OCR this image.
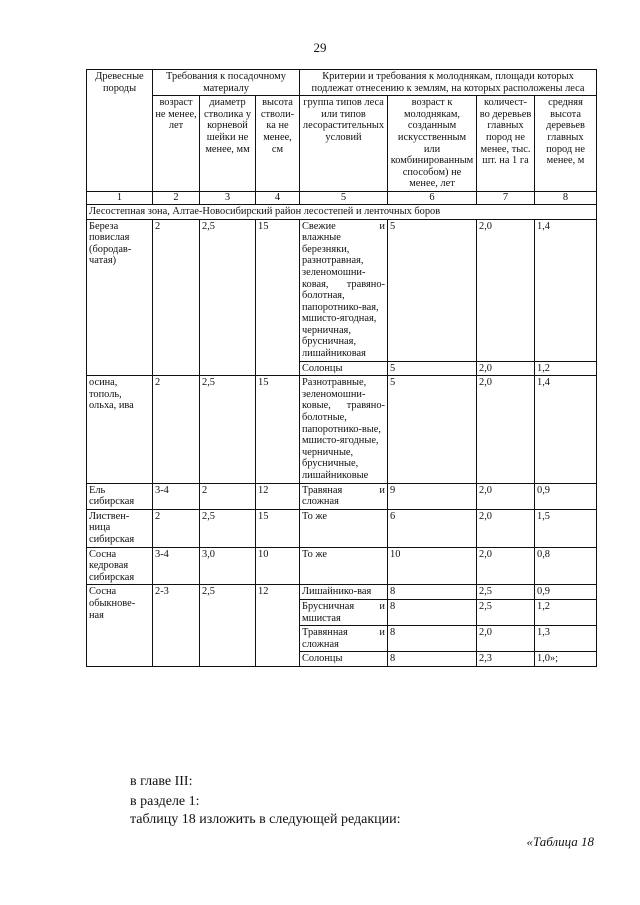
29
Древесные породы	Требования к посадочному материалу			Критерии и требования к молоднякам, площади которых подлежат отнесению к землям, на которых расположены леса			
	возраст не менее, лет	диаметр стволика у корневой шейки не менее, мм	высота стволи-ка не менее, см	группа типов леса или типов лесорастительных условий	возраст к молоднякам, созданным искусственным или комбинированным способом) не менее, лет	количест-во деревьев главных пород не менее, тыс. шт. на 1 га	средняя высота деревьев главных пород не менее, м
1	2	3	4	5	6	7	8
Лесостепная зона, Алтае-Новосибирский район лесостепей и ленточных боров							
Береза повислая (бородав-чатая)	2	2,5	15	Свежие и влажные березняки, разнотравная, зеленомошни-ковая, травяно-болотная, папоротнико-вая, мшисто-ягодная, черничная, брусничная, лишайниковая	5	2,0	1,4
				Солонцы	5	2,0	1,2
осина, тополь, ольха, ива	2	2,5	15	Разнотравные, зеленомошни-ковые, травяно-болотные, папоротнико-вые, мшисто-ягодные, черничные, брусничные, лишайниковые	5	2,0	1,4
Ель сибирская	3-4	2	12	Травяная и сложная	9	2,0	0,9
Листвен-ница сибирская	2	2,5	15	То же	6	2,0	1,5
Сосна кедровая сибирская	3-4	3,0	10	То же	10	2,0	0,8
Сосна обыкнове-ная	2-3	2,5	12	Лишайнико-вая	8	2,5	0,9
				Брусничная и мшистая	8	2,5	1,2
				Травянная и сложная	8	2,0	1,3
				Солонцы	8	2,3	1,0»;
в главе III:
в разделе 1:
таблицу 18 изложить в следующей редакции:
«Таблица 18
